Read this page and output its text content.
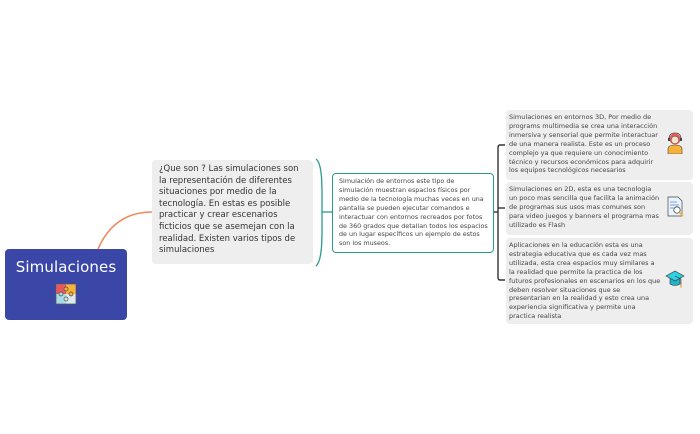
Simulaciones
¿Que son ? Las simulaciones son la representación de diferentes situaciones por medio de la tecnología. En estas es posible practicar y crear escenarios ficticios que se asemejan con la realidad. Existen varios tipos de simulaciones
Simulación de entornos este tipo de simulación muestran espacios físicos por medio de la tecnología muchas veces en una pantalla se pueden ejecutar comandos e interactuar con entornos recreados por fotos de 360 grados que detallan todos los espacios de un lugar específicos un ejemplo de estos son los museos.
Simulaciones en entornos 3D, Por medio de programs multimedia se crea una interacción inmersiva y sensorial que permite interactuar de una manera realista. Este es un proceso complejo ya que requiere un conocimiento técnico y recursos económicos para adquirir los equipos tecnológicos necesarios
Simulaciones en 2D, esta es una tecnologia un poco mas sencilla que facilita la animación de programas sus usos mas comunes son para video juegos y banners el programa mas utilizado es Flash
Aplicaciones en la educación esta es una estrategia educativa que es cada vez mas utilizada, esta crea espacios muy similares a la realidad que permite la practica de los futuros profesionales en escenarios en los que deben resolver situaciones que se presentarian en la realidad y esto crea una experiencia significativa y permite una practica realista
